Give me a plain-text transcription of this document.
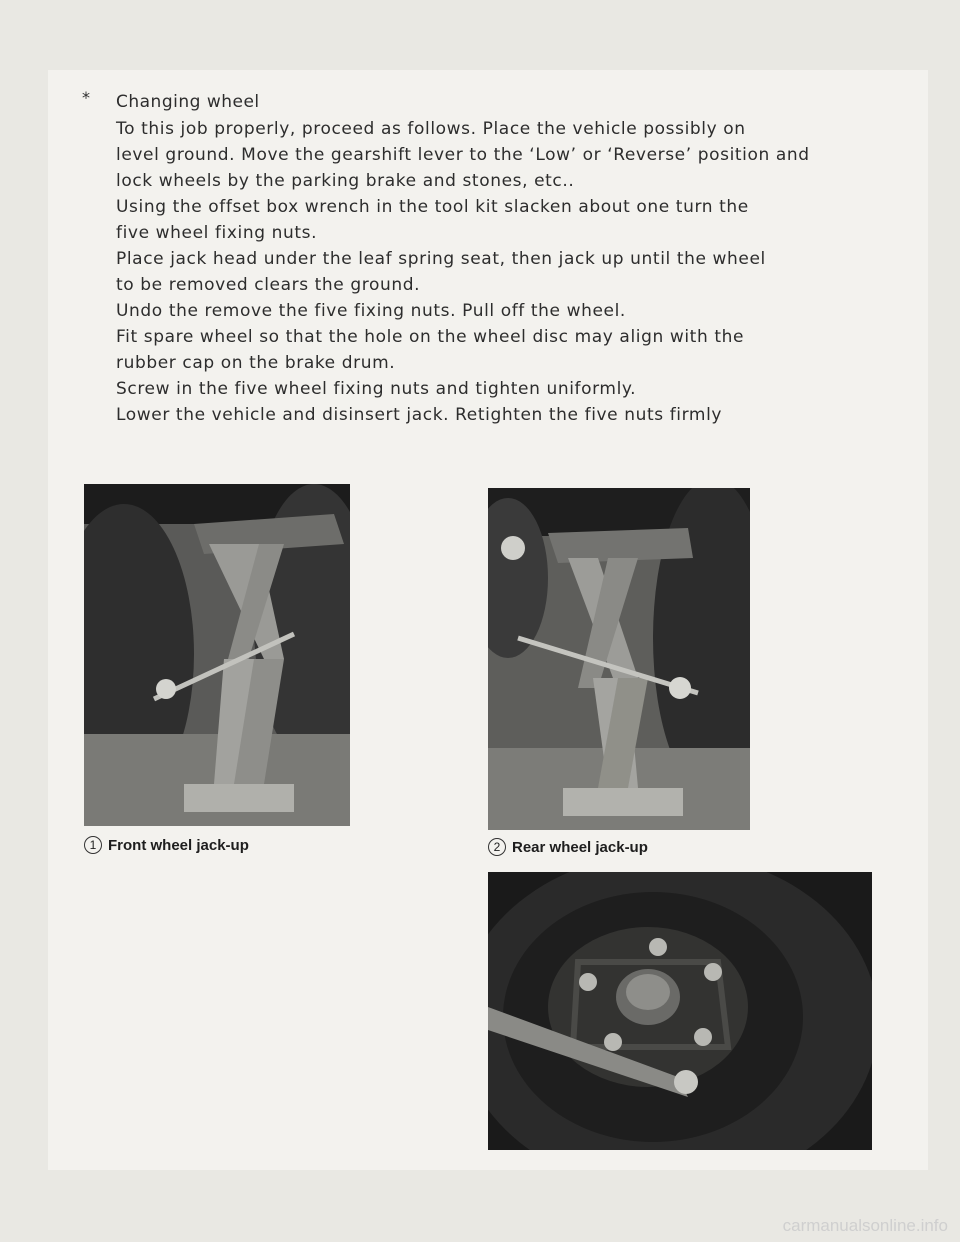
* Changing wheel

To this job properly, proceed as follows. Place the vehicle possibly on

level ground. Move the gearshift lever to the ‘Low’ or ‘Reverse’ position and

lock wheels by the parking brake and stones, etc..

Using the offset box wrench in the tool kit slacken about one turn the

five wheel fixing nuts.

Place jack head under the leaf spring seat, then jack up until the wheel

to be removed clears the ground.

Undo the remove the five fixing nuts. Pull off the wheel.

Fit spare wheel so that the hole on the wheel disc may align with the

rubber cap on the brake drum.

Screw in the five wheel fixing nuts and tighten uniformly.

Lower the vehicle and disinsert jack. Retighten the five nuts firmly

1 Front wheel jack-up	2 Rear wheel jack-up
carmanualsonline.info
